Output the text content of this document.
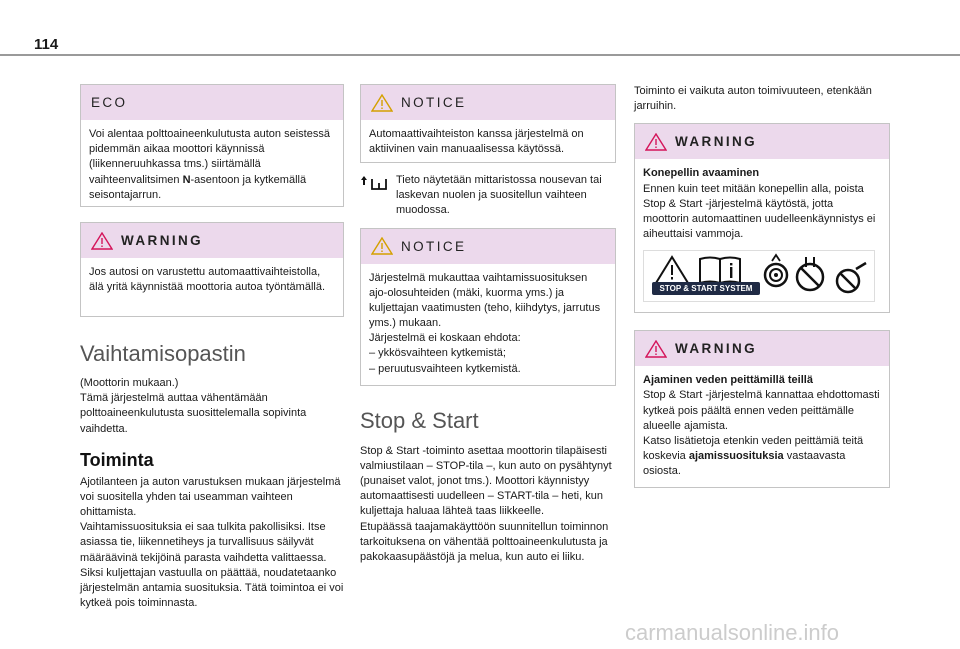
114
ECO
Voi alentaa polttoaineenkulutusta auton seistessä pidemmän aikaa moottori käynnissä (liikenneruuhkassa tms.) siirtämällä vaihteenvalitsimen N-asentoon ja kytkemällä seisontajarrun.
WARNING
Jos autosi on varustettu automaattivaihteistolla, älä yritä käynnistää moottoria autoa työntämällä.
Vaihtamisopastin
(Moottorin mukaan.)
Tämä järjestelmä auttaa vähentämään polttoaineenkulutusta suosittelemalla sopivinta vaihdetta.
Toiminta
Ajotilanteen ja auton varustuksen mukaan järjestelmä voi suositella yhden tai useamman vaihteen ohittamista.
Vaihtamissuosituksia ei saa tulkita pakollisiksi. Itse asiassa tie, liikennetiheys ja turvallisuus säilyvät määräävinä tekijöinä parasta vaihdetta valittaessa. Siksi kuljettajan vastuulla on päättää, noudatetaanko järjestelmän antamia suosituksia. Tätä toimintoa ei voi kytkeä pois toiminnasta.
NOTICE
Automaattivaihteiston kanssa järjestelmä on aktiivinen vain manuaalisessa käytössä.
Tieto näytetään mittaristossa nousevan tai laskevan nuolen ja suositellun vaihteen muodossa.
NOTICE
Järjestelmä mukauttaa vaihtamissuosituksen ajo-olosuhteiden (mäki, kuorma yms.) ja kuljettajan vaatimusten (teho, kiihdytys, jarrutus yms.) mukaan.
Järjestelmä ei koskaan ehdota:
– ykkösvaihteen kytkemistä;
– peruutusvaihteen kytkemistä.
Stop & Start
Stop & Start -toiminto asettaa moottorin tilapäisesti valmiustilaan – STOP-tila –, kun auto on pysähtynyt (punaiset valot, jonot tms.). Moottori käynnistyy automaattisesti uudelleen – START-tila – heti, kun kuljettaja haluaa lähteä taas liikkeelle.
Etupäässä taajamakäyttöön suunnitellun toiminnon tarkoituksena on vähentää polttoaineenkulutusta ja pakokaasupäästöjä ja melua, kun auto ei liiku.
Toiminto ei vaikuta auton toimivuuteen, etenkään jarruihin.
WARNING
Konepellin avaaminen
Ennen kuin teet mitään konepellin alla, poista Stop & Start -järjestelmä käytöstä, jotta moottorin automaattinen uudelleenkäynnistys ei aiheuttaisi vammoja.
STOP & START SYSTEM
WARNING
Ajaminen veden peittämillä teillä
Stop & Start -järjestelmä kannattaa ehdottomasti kytkeä pois päältä ennen veden peittämälle alueelle ajamista.
Katso lisätietoja etenkin veden peittämiä teitä koskevia ajamissuosituksia vastaavasta osiosta.
carmanualsonline.info
